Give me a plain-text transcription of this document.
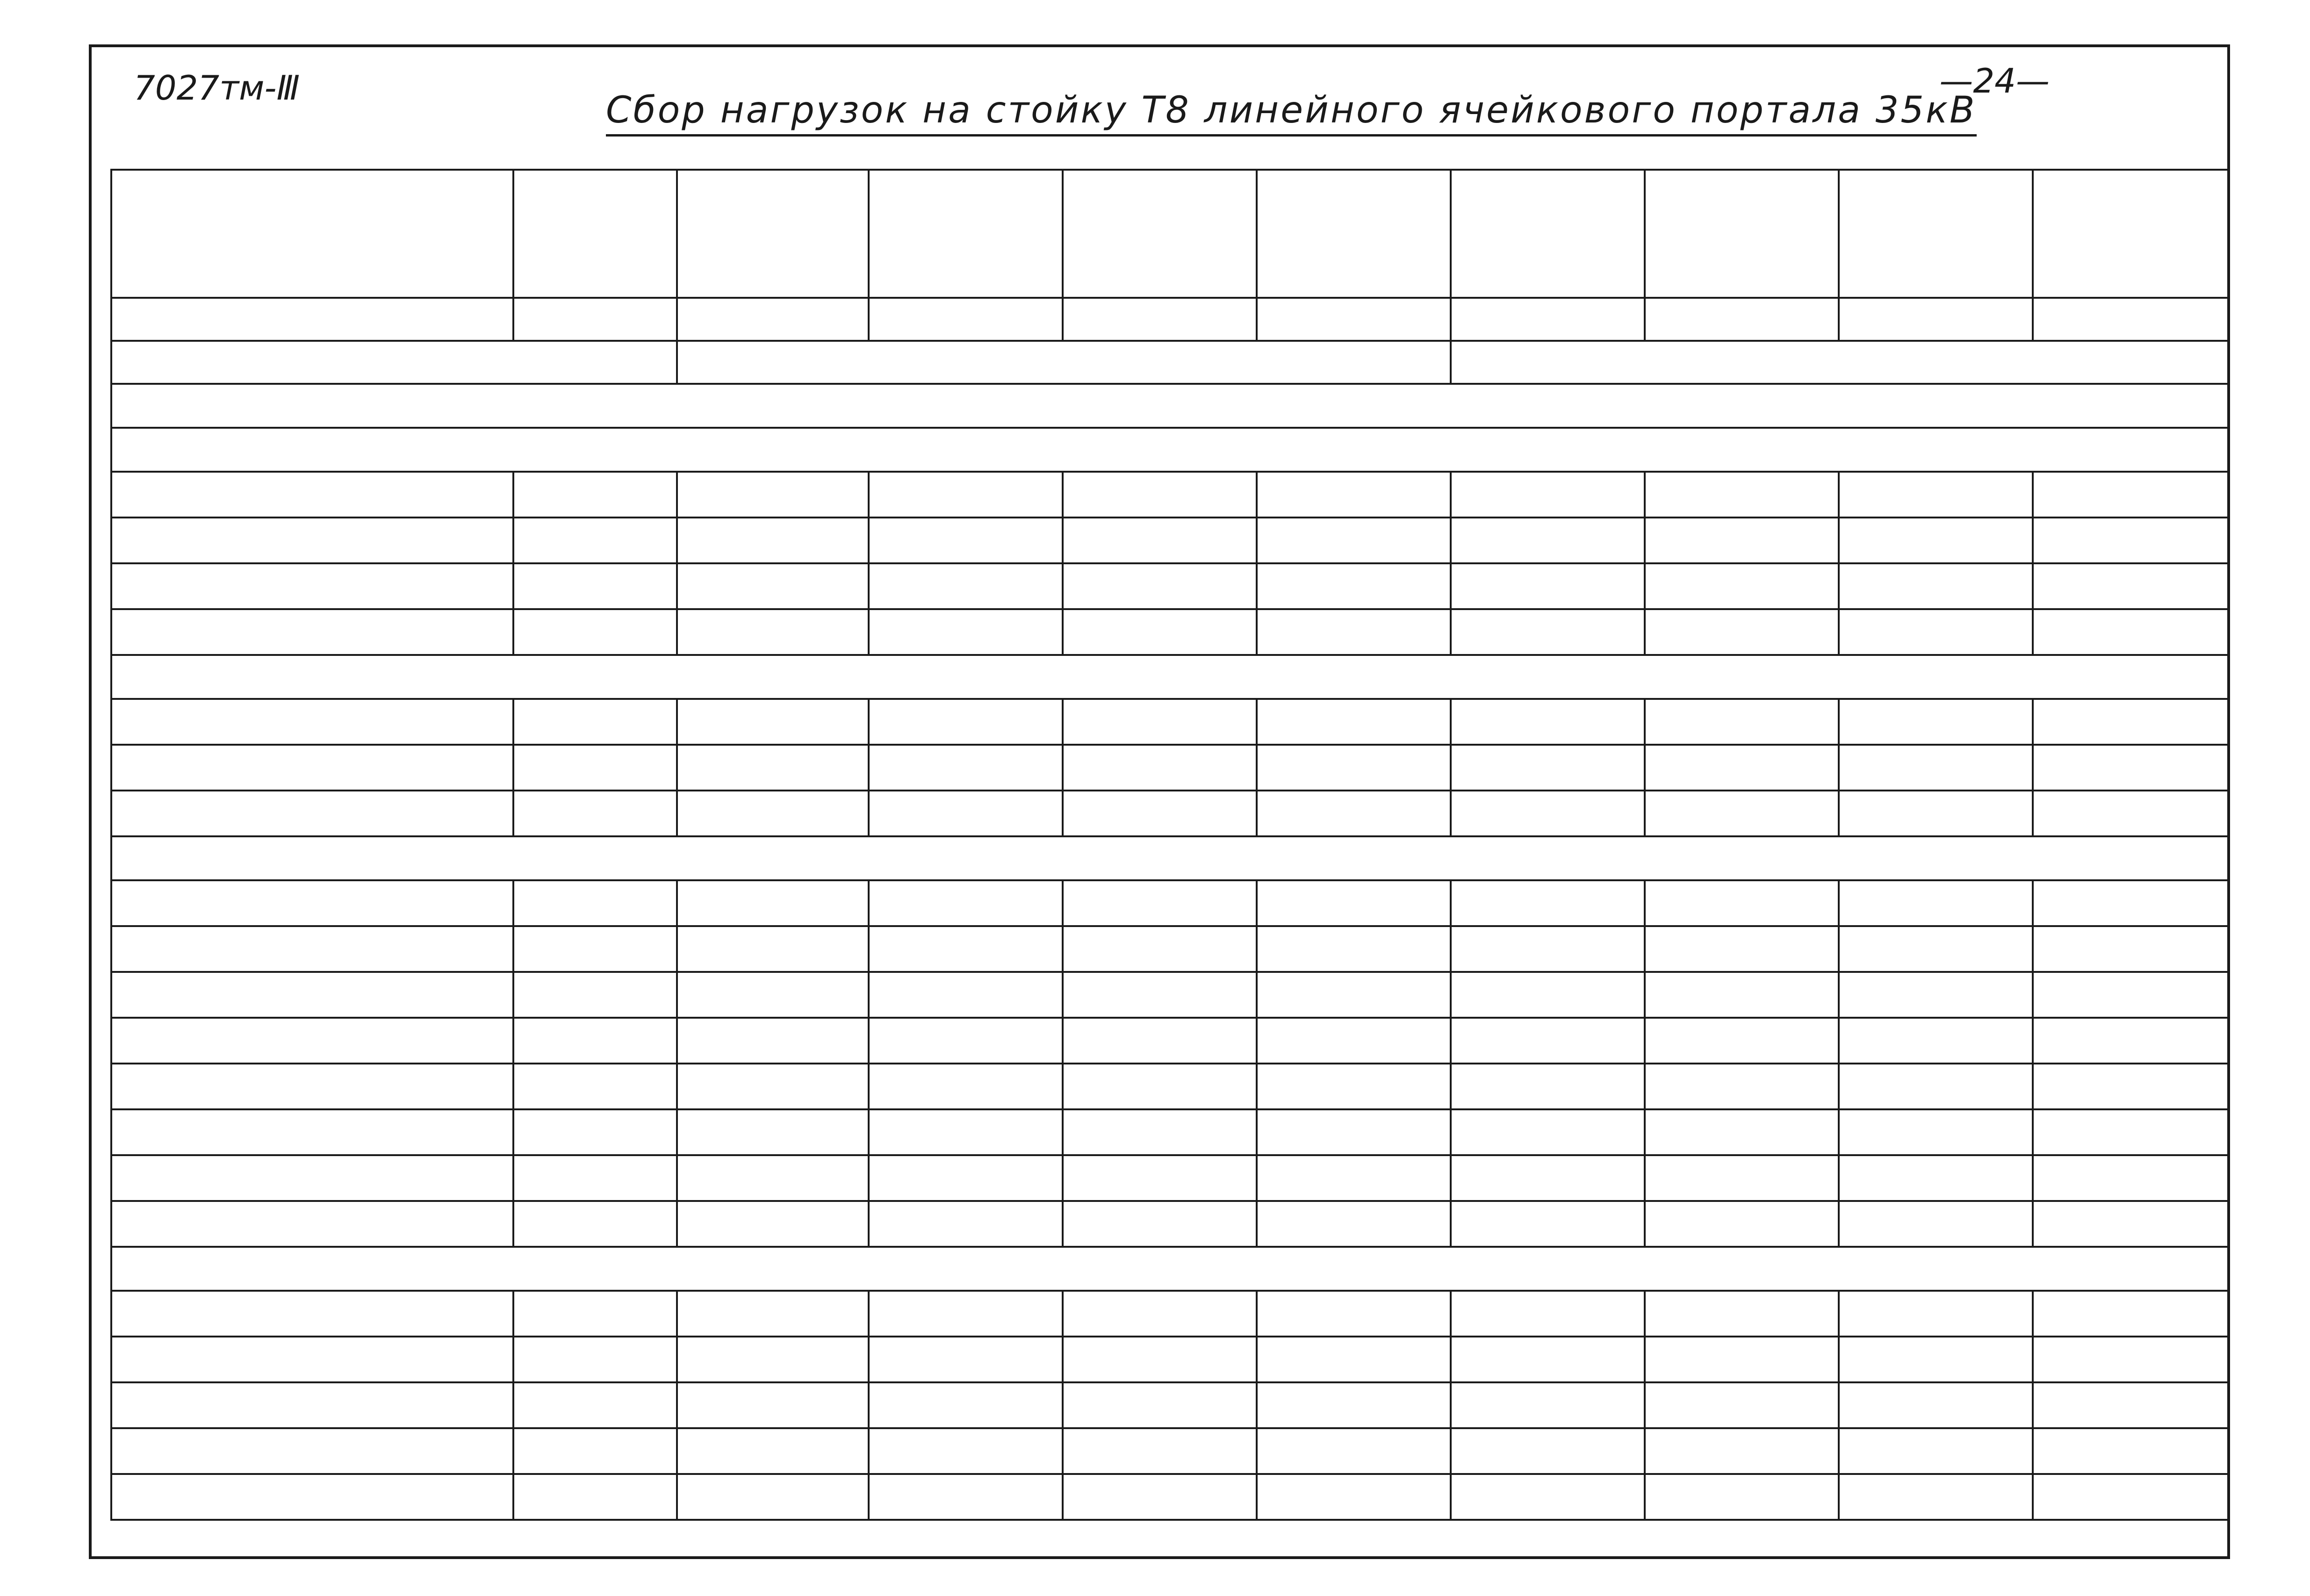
7027тм-Ⅲ	—24—
Сбор нагрузок на стойку Т8 линейного ячейкового портала 35кВ
